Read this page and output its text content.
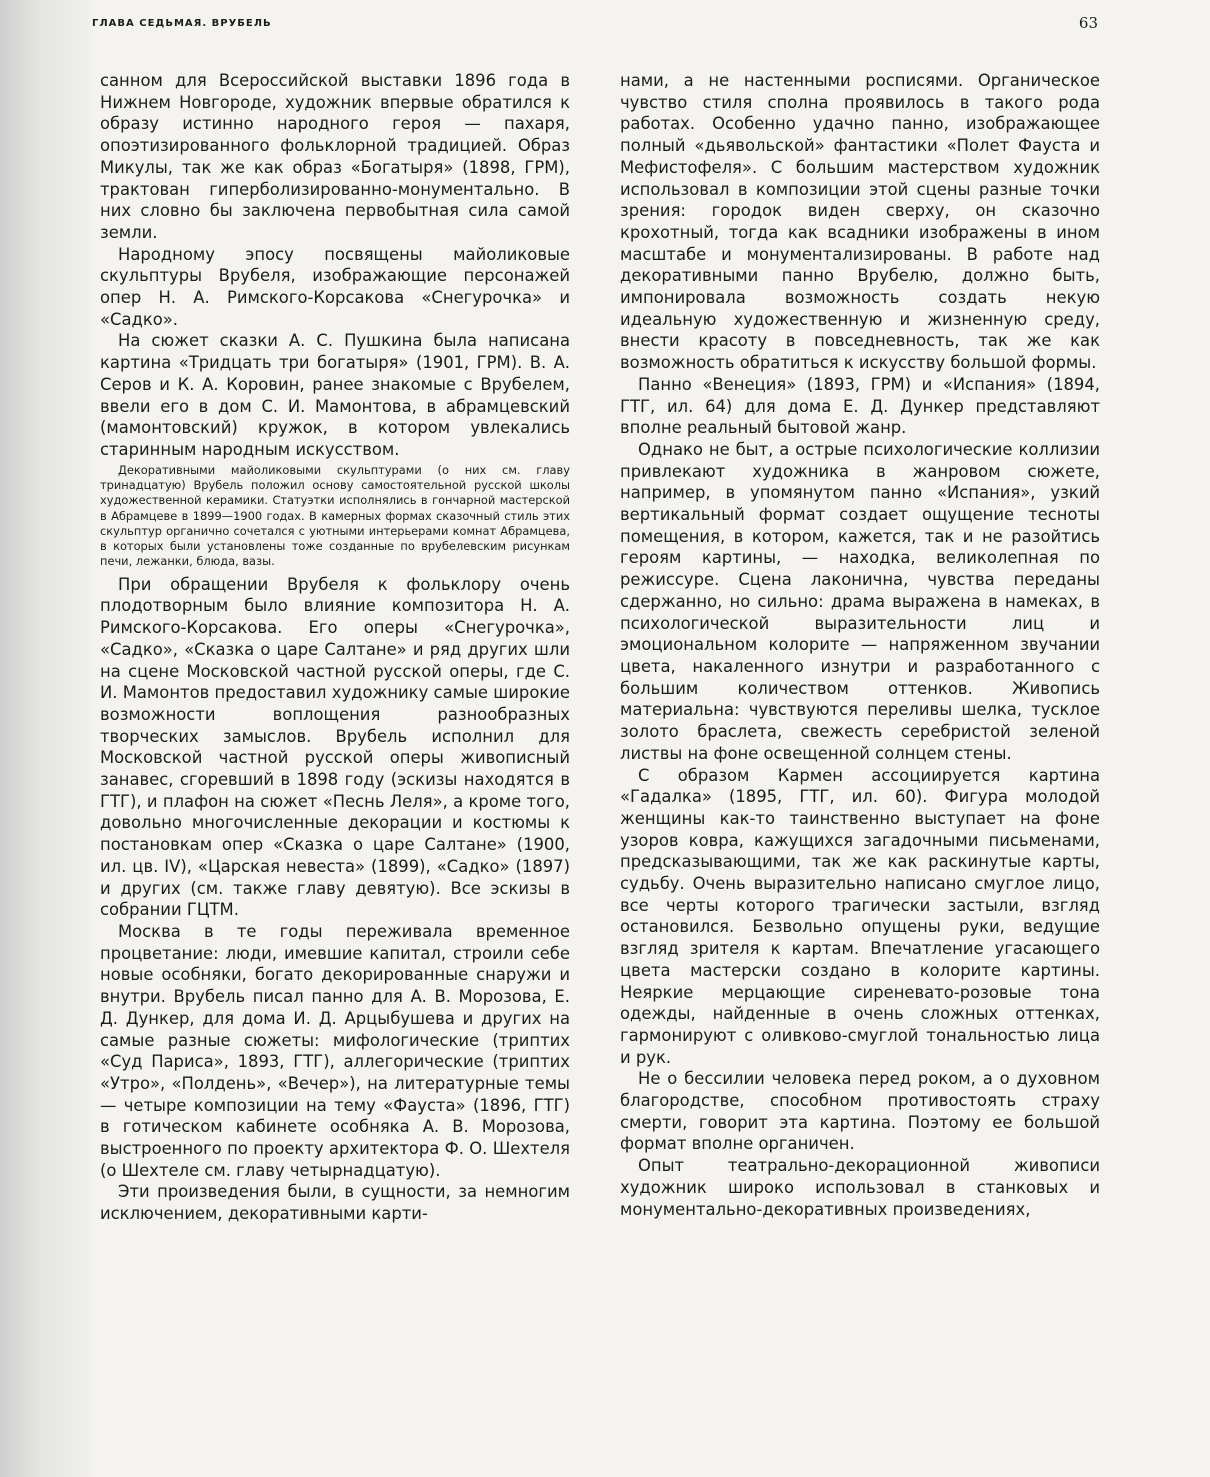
ГЛАВА СЕДЬМАЯ. ВРУБЕЛЬ	63

санном для Всероссийской выставки 1896 года в Нижнем Новгороде, художник впервые обратился к образу истинно народного героя — пахаря, опоэтизированного фольклорной традицией. Образ Микулы, так же как образ «Богатыря» (1898, ГРМ), трактован гиперболизированно-монументально. В них словно бы заключена первобытная сила самой земли.

Народному эпосу посвящены майоликовые скульптуры Врубеля, изображающие персонажей опер Н. А. Римского-Корсакова «Снегурочка» и «Садко».

На сюжет сказки А. С. Пушкина была написана картина «Тридцать три богатыря» (1901, ГРМ). В. А. Серов и К. А. Коровин, ранее знакомые с Врубелем, ввели его в дом С. И. Мамонтова, в абрамцевский (мамонтовский) кружок, в котором увлекались старинным народным искусством.

Декоративными майоликовыми скульптурами (о них см. главу тринадцатую) Врубель положил основу самостоятельной русской школы художественной керамики. Статуэтки исполнялись в гончарной мастерской в Абрамцеве в 1899—1900 годах. В камерных формах сказочный стиль этих скульптур органично сочетался с уютными интерьерами комнат Абрамцева, в которых были установлены тоже созданные по врубелевским рисункам печи, лежанки, блюда, вазы.

При обращении Врубеля к фольклору очень плодотворным было влияние композитора Н. А. Римского-Корсакова. Его оперы «Снегурочка», «Садко», «Сказка о царе Салтане» и ряд других шли на сцене Московской частной русской оперы, где С. И. Мамонтов предоставил художнику самые широкие возможности воплощения разнообразных творческих замыслов. Врубель исполнил для Московской частной русской оперы живописный занавес, сгоревший в 1898 году (эскизы находятся в ГТГ), и плафон на сюжет «Песнь Леля», а кроме того, довольно многочисленные декорации и костюмы к постановкам опер «Сказка о царе Салтане» (1900, ил. цв. IV), «Царская невеста» (1899), «Садко» (1897) и других (см. также главу девятую). Все эскизы в собрании ГЦТМ.

Москва в те годы переживала временное процветание: люди, имевшие капитал, строили себе новые особняки, богато декорированные снаружи и внутри. Врубель писал панно для А. В. Морозова, Е. Д. Дункер, для дома И. Д. Арцыбушева и других на самые разные сюжеты: мифологические (триптих «Суд Париса», 1893, ГТГ), аллегорические (триптих «Утро», «Полдень», «Вечер»), на литературные темы — четыре композиции на тему «Фауста» (1896, ГТГ) в готическом кабинете особняка А. В. Морозова, выстроенного по проекту архитектора Ф. О. Шехтеля (о Шехтеле см. главу четырнадцатую).

Эти произведения были, в сущности, за немногим исключением, декоративными карти-

нами, а не настенными росписями. Органическое чувство стиля сполна проявилось в такого рода работах. Особенно удачно панно, изображающее полный «дьявольской» фантастики «Полет Фауста и Мефистофеля». С большим мастерством художник использовал в композиции этой сцены разные точки зрения: городок виден сверху, он сказочно крохотный, тогда как всадники изображены в ином масштабе и монументализированы. В работе над декоративными панно Врубелю, должно быть, импонировала возможность создать некую идеальную художественную и жизненную среду, внести красоту в повседневность, так же как возможность обратиться к искусству большой формы.

Панно «Венеция» (1893, ГРМ) и «Испания» (1894, ГТГ, ил. 64) для дома Е. Д. Дункер представляют вполне реальный бытовой жанр.

Однако не быт, а острые психологические коллизии привлекают художника в жанровом сюжете, например, в упомянутом панно «Испания», узкий вертикальный формат создает ощущение тесноты помещения, в котором, кажется, так и не разойтись героям картины, — находка, великолепная по режиссуре. Сцена лаконична, чувства переданы сдержанно, но сильно: драма выражена в намеках, в психологической выразительности лиц и эмоциональном колорите — напряженном звучании цвета, накаленного изнутри и разработанного с большим количеством оттенков. Живопись материальна: чувствуются переливы шелка, тусклое золото браслета, свежесть серебристой зеленой листвы на фоне освещенной солнцем стены.

С образом Кармен ассоциируется картина «Гадалка» (1895, ГТГ, ил. 60). Фигура молодой женщины как-то таинственно выступает на фоне узоров ковра, кажущихся загадочными письменами, предсказывающими, так же как раскинутые карты, судьбу. Очень выразительно написано смуглое лицо, все черты которого трагически застыли, взгляд остановился. Безвольно опущены руки, ведущие взгляд зрителя к картам. Впечатление угасающего цвета мастерски создано в колорите картины. Неяркие мерцающие сиреневато-розовые тона одежды, найденные в очень сложных оттенках, гармонируют с оливково-смуглой тональностью лица и рук.

Не о бессилии человека перед роком, а о духовном благородстве, способном противостоять страху смерти, говорит эта картина. Поэтому ее большой формат вполне органичен.

Опыт театрально-декорационной живописи художник широко использовал в станковых и монументально-декоративных произведениях,
